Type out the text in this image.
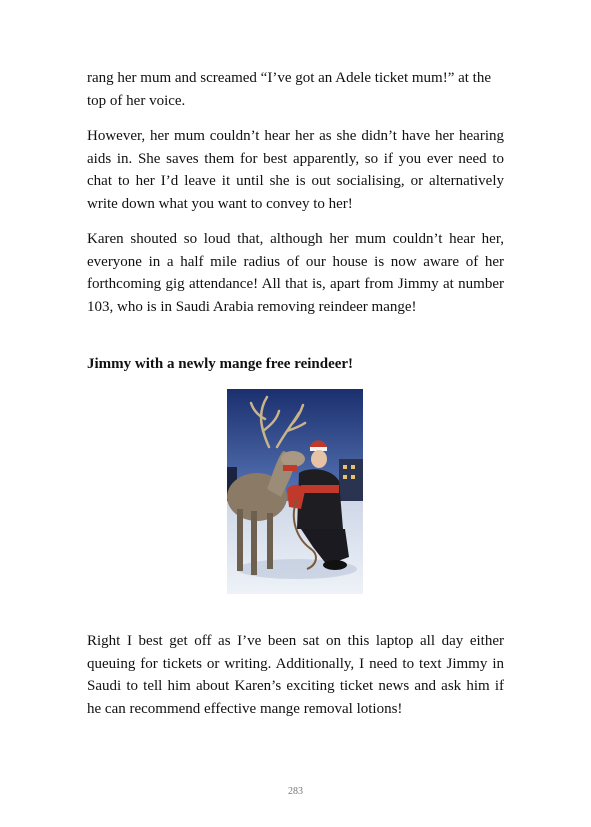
rang her mum and screamed “I’ve got an Adele ticket mum!” at the top of her voice.

However, her mum couldn’t hear her as she didn’t have her hearing aids in. She saves them for best apparently, so if you ever need to chat to her I’d leave it until she is out socialising, or alternatively write down what you want to convey to her!

Karen shouted so loud that, although her mum couldn’t hear her, everyone in a half mile radius of our house is now aware of her forthcoming gig attendance! All that is, apart from Jimmy at number 103, who is in Saudi Arabia removing reindeer mange!

Jimmy with a newly mange free reindeer!

Right I best get off as I’ve been sat on this laptop all day either queuing for tickets or writing. Additionally, I need to text Jimmy in Saudi to tell him about Karen’s exciting ticket news and ask him if he can recommend effective mange removal lotions!

283
